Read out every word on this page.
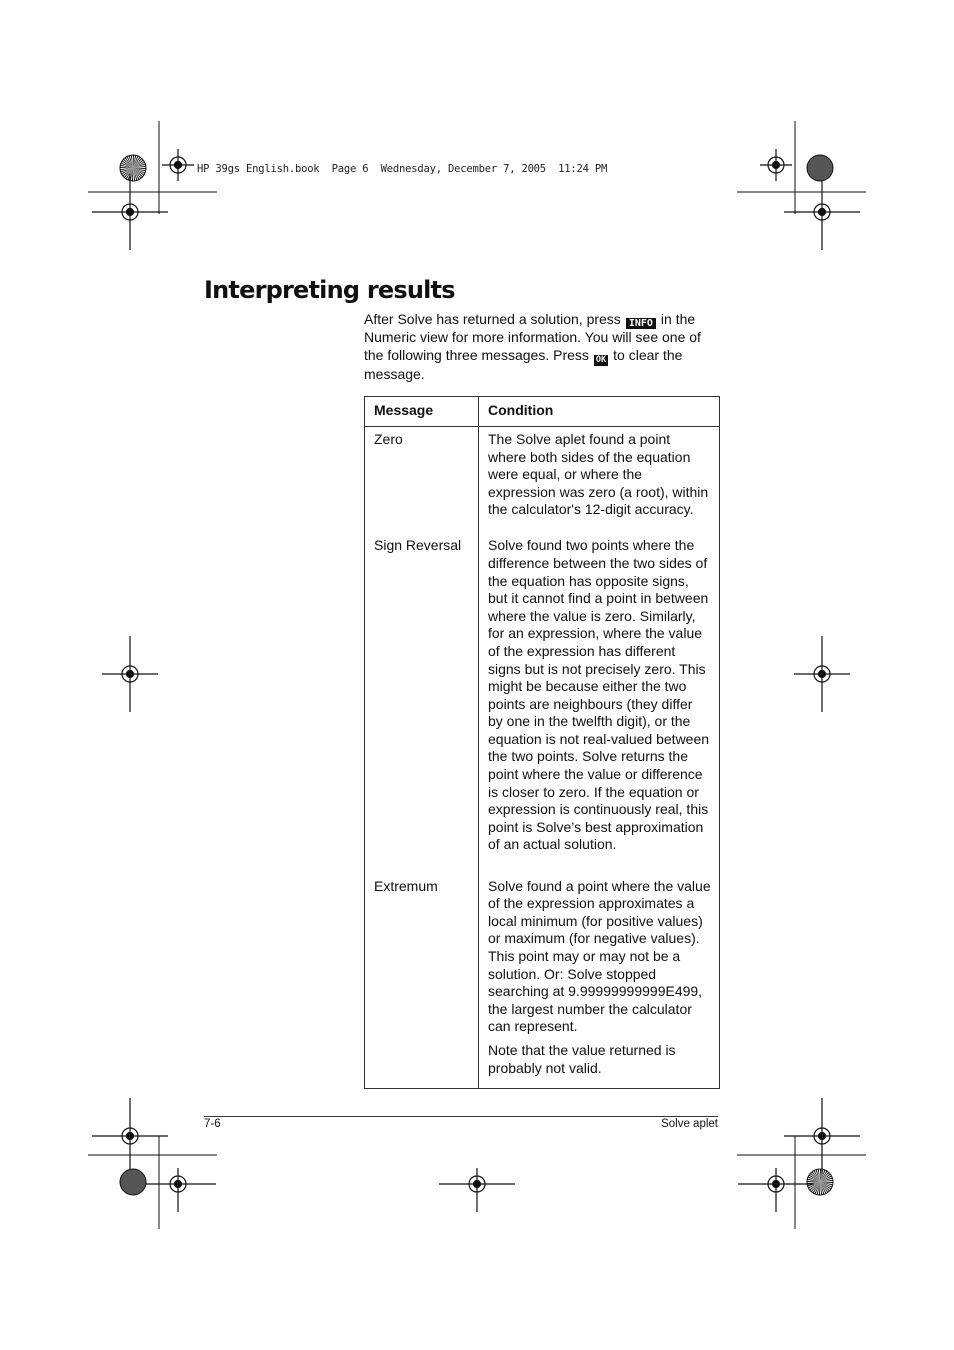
HP 39gs English.book  Page 6  Wednesday, December 7, 2005  11:24 PM
Interpreting results

After Solve has returned a solution, press INFO in the Numeric view for more information. You will see one of the following three messages. Press OK to clear the message.

Message	Condition
Zero	The Solve aplet found a point where both sides of the equation were equal, or where the expression was zero (a root), within the calculator's 12-digit accuracy.

Sign Reversal	Solve found two points where the difference between the two sides of the equation has opposite signs, but it cannot find a point in between where the value is zero. Similarly, for an expression, where the value of the expression has different signs but is not precisely zero. This might be because either the two points are neighbours (they differ by one in the twelfth digit), or the equation is not real-valued between the two points. Solve returns the point where the value or difference is closer to zero. If the equation or expression is continuously real, this point is Solve’s best approximation of an actual solution.

Extremum	Solve found a point where the value of the expression approximates a local minimum (for positive values) or maximum (for negative values). This point may or may not be a solution. Or: Solve stopped searching at 9.99999999999E499, the largest number the calculator can represent.

Note that the value returned is probably not valid.

7-6	Solve aplet
